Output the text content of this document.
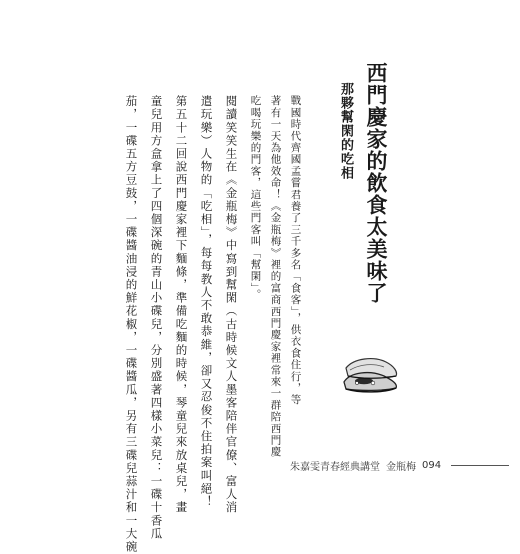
西門慶家的飲食太美味了
那夥幫閑的吃相
戰國時代齊國孟嘗君養了三千多名「食客」，供衣食住行，等
著有一天為他效命！《金瓶梅》裡的富商西門慶家裡常來一群陪西門慶
吃喝玩樂的門客，這些門客叫「幫閑」。
閱讀笑笑生在《金瓶梅》中寫到幫閑（古時候文人墨客陪伴官僚、富人消
遣玩樂）人物的「吃相」，每每教人不敢恭維，卻又忍俊不住拍案叫絕！
第五十二回說西門慶家裡下麵條，準備吃麵的時候，琴童兒來放桌兒，畫
童兒用方盒拿上了四個深碗的青山小碟兒，分別盛著四樣小菜兒：一碟十香瓜
茄，一碟五方豆鼓，一碟醬油浸的鮮花椒，一碟醬瓜，另有三碟兒蒜汁和一大碗	朱嘉雯青春經典講堂 金瓶梅 094
